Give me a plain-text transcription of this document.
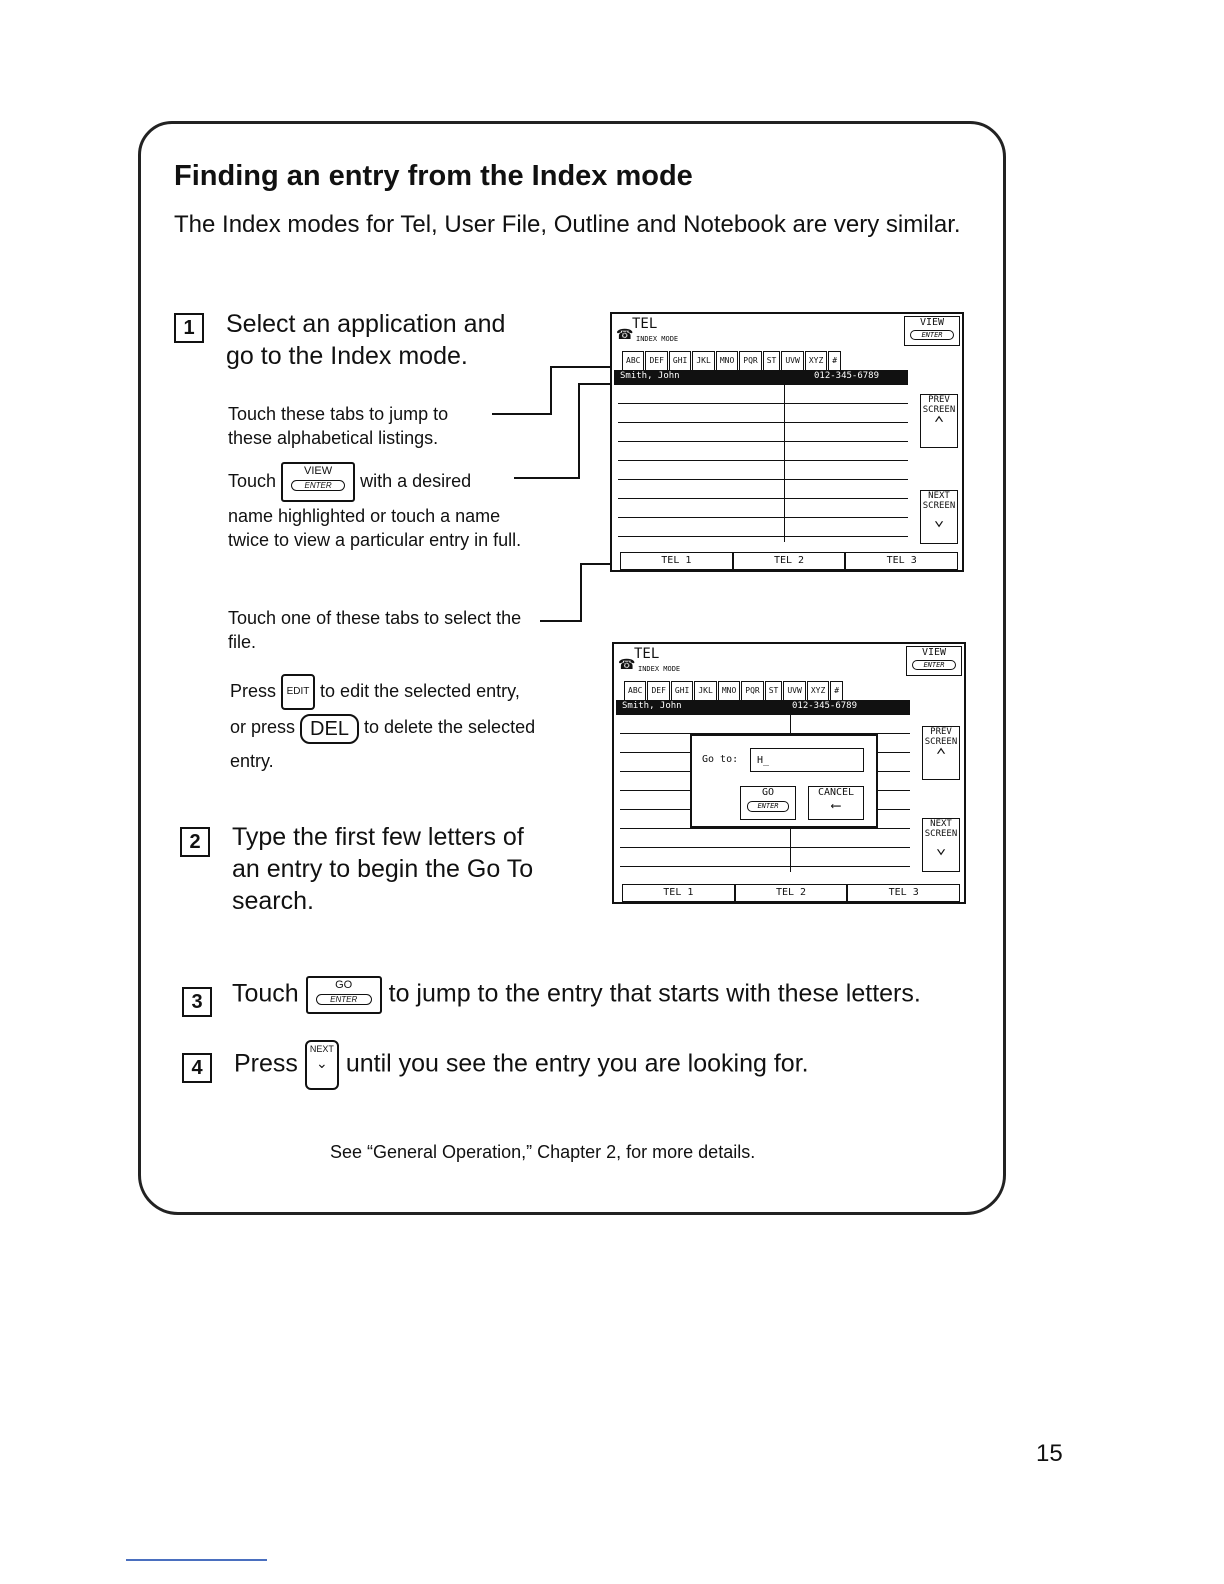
Finding an entry from the Index mode
The Index modes for Tel, User File, Outline and Notebook are very similar.
1	Select an application and go to the Index mode.
Touch these tabs to jump to these alphabetical listings.
Touch	VIEW
ENTER	with a desired
name highlighted or touch a name twice to view a particular entry in full.
Touch one of these tabs to select the file.
Press EDIT to edit the selected entry, or press DEL to delete the selected entry.
☎
TEL
INDEX MODE
VIEW
ENTER
ABC	DEF	GHI	JKL	MNO	PQR	ST	UVW	XYZ	#
Smith, John	012-345-6789
PREV SCREEN
⌃
NEXT SCREEN
⌄
TEL 1	TEL 2	TEL 3
☎
TEL
INDEX MODE
VIEW
ENTER
ABC	DEF	GHI	JKL	MNO	PQR	ST	UVW	XYZ	#
Smith, John	012-345-6789
PREV SCREEN
⌃
NEXT SCREEN
⌄
Go to:	H_
GO
ENTER
CANCEL
⟵
TEL 1	TEL 2	TEL 3
2	Type the first few letters of an entry to begin the Go To search.
3	Touch	GO
ENTER	to jump to the entry that starts with these letters.
4	Press NEXT
⌄ until you see the entry you are looking for.
See “General Operation,” Chapter 2, for more details.
15
